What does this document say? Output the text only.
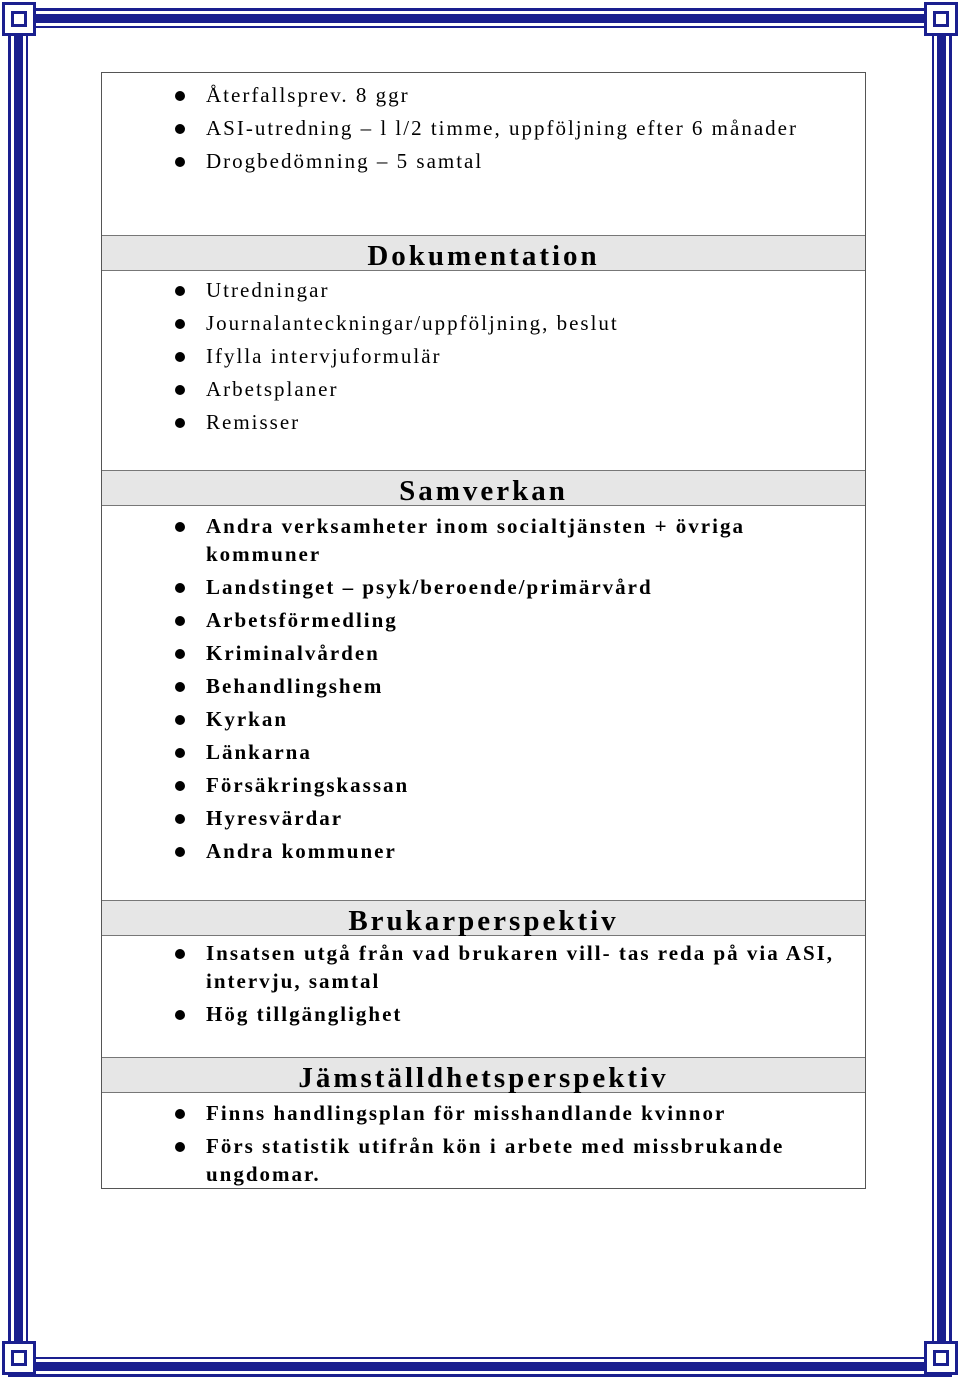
Återfallsprev. 8 ggr
ASI-utredning – l l/2 timme, uppföljning efter 6 månader
Drogbedömning – 5 samtal
Dokumentation
Utredningar
Journalanteckningar/uppföljning, beslut
Ifylla intervjuformulär
Arbetsplaner
Remisser
Samverkan
Andra verksamheter inom socialtjänsten + övriga kommuner
Landstinget – psyk/beroende/primärvård
Arbetsförmedling
Kriminalvården
Behandlingshem
Kyrkan
Länkarna
Försäkringskassan
Hyresvärdar
Andra kommuner
Brukarperspektiv
Insatsen utgå från vad brukaren vill- tas reda på via ASI, intervju, samtal
Hög tillgänglighet
Jämställdhetsperspektiv
Finns handlingsplan för misshandlande kvinnor
Förs statistik utifrån kön i arbete med missbrukande ungdomar.
